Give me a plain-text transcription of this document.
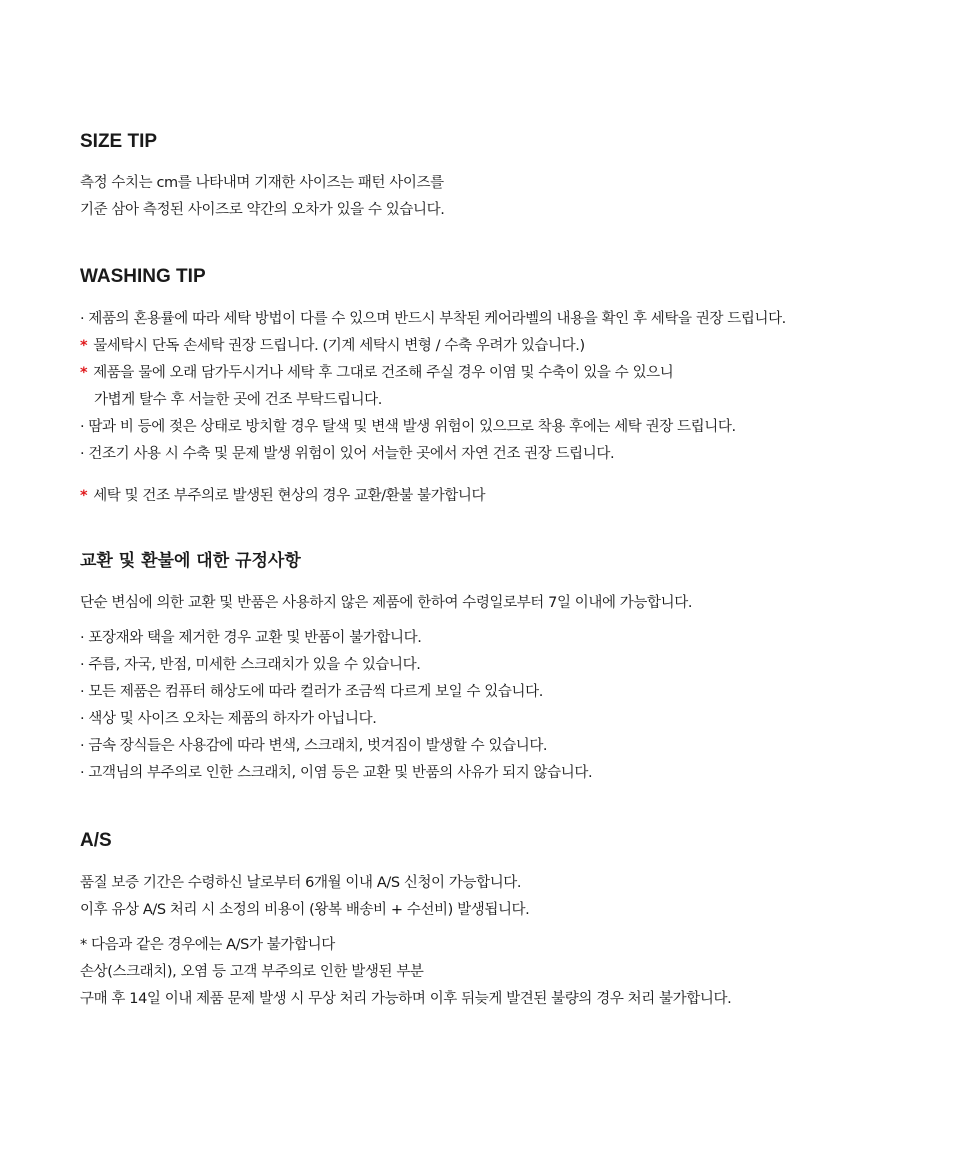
SIZE TIP
측정 수치는 cm를 나타내며 기재한 사이즈는 패턴 사이즈를
기준 삼아 측정된 사이즈로 약간의 오차가 있을 수 있습니다.
WASHING TIP
· 제품의 혼용률에 따라 세탁 방법이 다를 수 있으며 반드시 부착된 케어라벨의 내용을 확인 후 세탁을 권장 드립니다.
* 물세탁시 단독 손세탁 권장 드립니다. (기계 세탁시 변형 / 수축 우려가 있습니다.)
* 제품을 물에 오래 담가두시거나 세탁 후 그대로 건조해 주실 경우 이염 및 수축이 있을 수 있으니
가볍게 탈수 후 서늘한 곳에 건조 부탁드립니다.
· 땀과 비 등에 젖은 상태로 방치할 경우 탈색 및 변색 발생 위험이 있으므로 착용 후에는 세탁 권장 드립니다.
· 건조기 사용 시 수축 및 문제 발생 위험이 있어 서늘한 곳에서 자연 건조 권장 드립니다.
* 세탁 및 건조 부주의로 발생된 현상의 경우 교환/환불 불가합니다
교환 및 환불에 대한 규정사항
단순 변심에 의한 교환 및 반품은 사용하지 않은 제품에 한하여 수령일로부터 7일 이내에 가능합니다.
· 포장재와 택을 제거한 경우 교환 및 반품이 불가합니다.
· 주름, 자국, 반점, 미세한 스크래치가 있을 수 있습니다.
· 모든 제품은 컴퓨터 해상도에 따라 컬러가 조금씩 다르게 보일 수 있습니다.
· 색상 및 사이즈 오차는 제품의 하자가 아닙니다.
· 금속 장식들은 사용감에 따라 변색, 스크래치, 벗겨짐이 발생할 수 있습니다.
· 고객님의 부주의로 인한 스크래치, 이염 등은 교환 및 반품의 사유가 되지 않습니다.
A/S
품질 보증 기간은 수령하신 날로부터 6개월 이내 A/S 신청이 가능합니다.
이후 유상 A/S 처리 시 소정의 비용이 (왕복 배송비 + 수선비) 발생됩니다.
* 다음과 같은 경우에는 A/S가 불가합니다
손상(스크래치), 오염 등 고객 부주의로 인한 발생된 부분
구매 후 14일 이내 제품 문제 발생 시 무상 처리 가능하며 이후 뒤늦게 발견된 불량의 경우 처리 불가합니다.
